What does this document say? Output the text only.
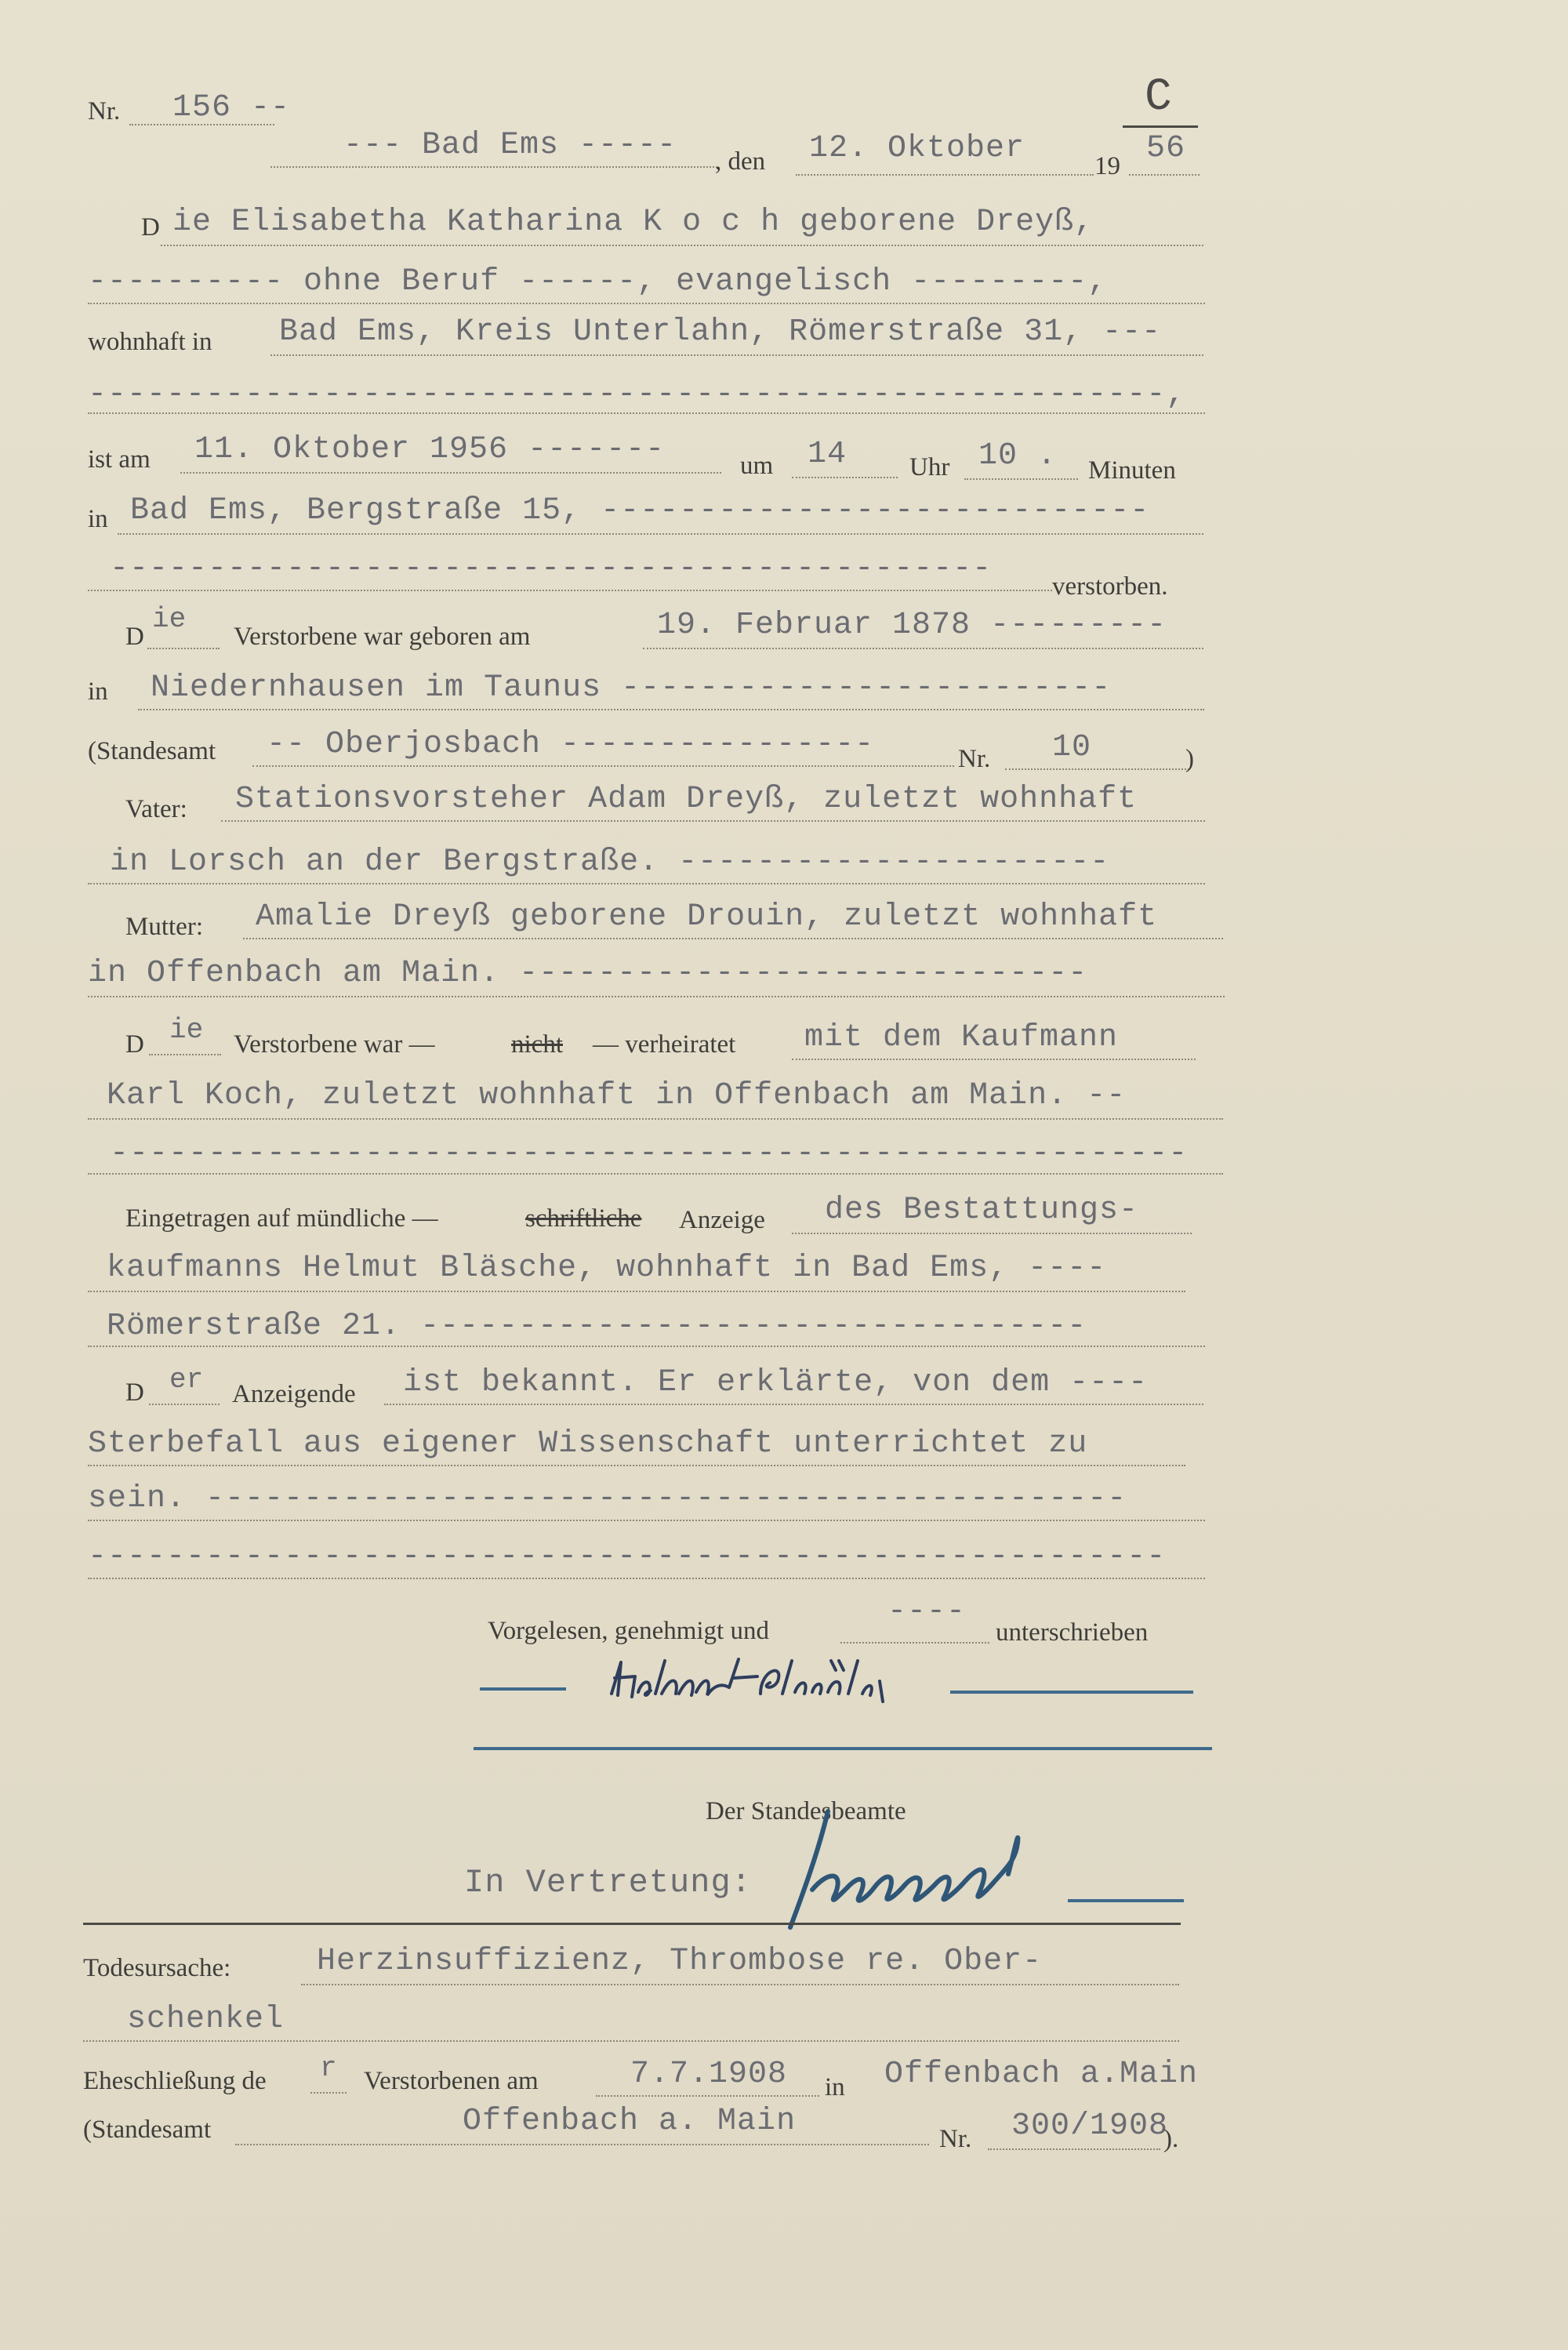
Nr. 156 --	C
--- Bad Ems ----- , den 12. Oktober	19 56
D ie Elisabetha Katharina K o c h geborene Dreyß,
---------- ohne Beruf ------, evangelisch ---------,
wohnhaft in Bad Ems, Kreis Unterlahn, Römerstraße 31, ---
-------------------------------------------------------,
ist am 11. Oktober 1956 -------	um 14 Uhr 10 . Minuten
in Bad Ems, Bergstraße 15, ----------------------------
--------------------------------------------- verstorben.
D
ie
Verstorbene war geboren am	19. Februar 1878 ---------
in Niedernhausen im Taunus -------------------------
(Standesamt -- Oberjosbach ----------------	Nr. 10	)
Vater: Stationsvorsteher Adam Dreyß, zuletzt wohnhaft
in Lorsch an der Bergstraße. ----------------------
Mutter: Amalie Dreyß geborene Drouin, zuletzt wohnhaft
in Offenbach am Main. -----------------------------
D ie Verstorbene war —	nicht — verheiratet mit dem Kaufmann
Karl Koch, zuletzt wohnhaft in Offenbach am Main. --
-------------------------------------------------------
Eingetragen auf mündliche —	schriftliche Anzeige des Bestattungs-
kaufmanns Helmut Bläsche, wohnhaft in Bad Ems, ----
Römerstraße 21. ----------------------------------
D er Anzeigende ist bekannt. Er erklärte, von dem ----
Sterbefall aus eigener Wissenschaft unterrichtet zu
sein. -----------------------------------------------
-------------------------------------------------------
Vorgelesen, genehmigt und
----
unterschrieben
Der Standesbeamte
In Vertretung:
Todesursache:	Herzinsuffizienz, Thrombose re. Ober-
schenkel
Eheschließung de r Verstorbenen am	7.7.1908 in Offenbach a.Main
(Standesamt	Offenbach a. Main	Nr. 300/1908
).
